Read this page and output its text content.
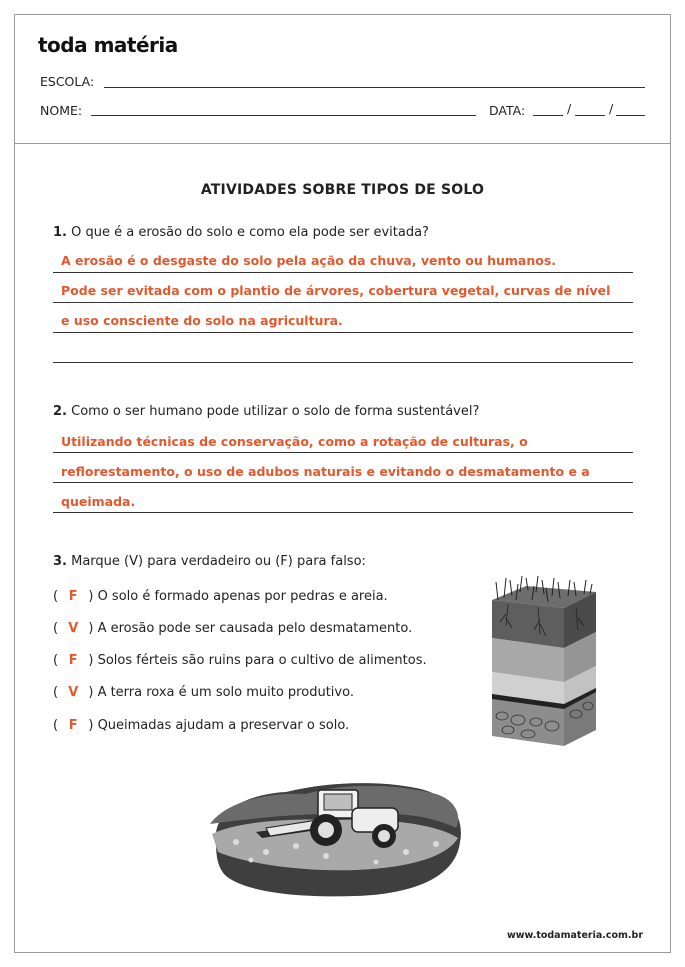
toda matéria
ESCOLA:
NOME:	DATA:	/	/
ATIVIDADES SOBRE TIPOS DE SOLO
1. O que é a erosão do solo e como ela pode ser evitada?
A erosão é o desgaste do solo pela ação da chuva, vento ou humanos.
Pode ser evitada com o plantio de árvores, cobertura vegetal, curvas de nível
e uso consciente do solo na agricultura.
2. Como o ser humano pode utilizar o solo de forma sustentável?
Utilizando técnicas de conservação, como a rotação de culturas, o
reflorestamento, o uso de adubos naturais e evitando o desmatamento e a
queimada.
3. Marque (V) para verdadeiro ou (F) para falso:
( F ) O solo é formado apenas por pedras e areia.
( V ) A erosão pode ser causada pelo desmatamento.
( F ) Solos férteis são ruins para o cultivo de alimentos.
( V ) A terra roxa é um solo muito produtivo.
( F ) Queimadas ajudam a preservar o solo.
www.todamateria.com.br
